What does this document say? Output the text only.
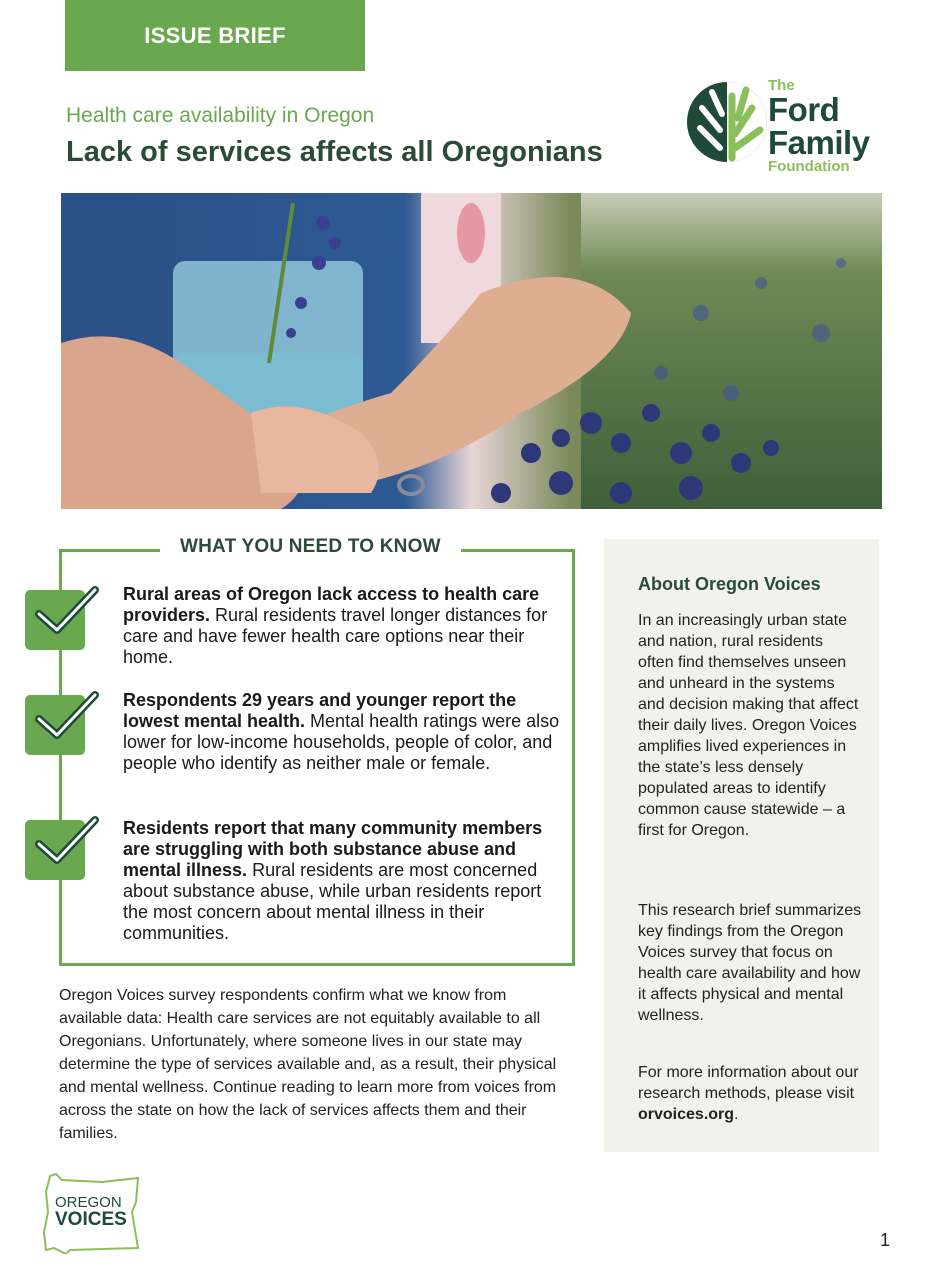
ISSUE BRIEF
Health care availability in Oregon
Lack of services affects all Oregonians
The
Ford
Family
Foundation
WHAT YOU NEED TO KNOW
Rural areas of Oregon lack access to health care providers. Rural residents travel longer distances for care and have fewer health care options near their home.
Respondents 29 years and younger report the lowest mental health. Mental health ratings were also lower for low-income households, people of color, and people who identify as neither male or female.
Residents report that many community members are struggling with both substance abuse and mental illness. Rural residents are most concerned about substance abuse, while urban residents report the most concern about mental illness in their communities.
Oregon Voices survey respondents confirm what we know from available data: Health care services are not equitably available to all Oregonians. Unfortunately, where someone lives in our state may determine the type of services available and, as a result, their physical and mental wellness. Continue reading to learn more from voices from across the state on how the lack of services affects them and their families.
About Oregon Voices
In an increasingly urban state and nation, rural residents often find themselves unseen and unheard in the systems and decision making that affect their daily lives. Oregon Voices amplifies lived experiences in the state’s less densely populated areas to identify common cause statewide – a first for Oregon.
This research brief summarizes key findings from the Oregon Voices survey that focus on health care availability and how it affects physical and mental wellness.
For more information about our research methods, please visit orvoices.org.
OREGON
VOICES
1
